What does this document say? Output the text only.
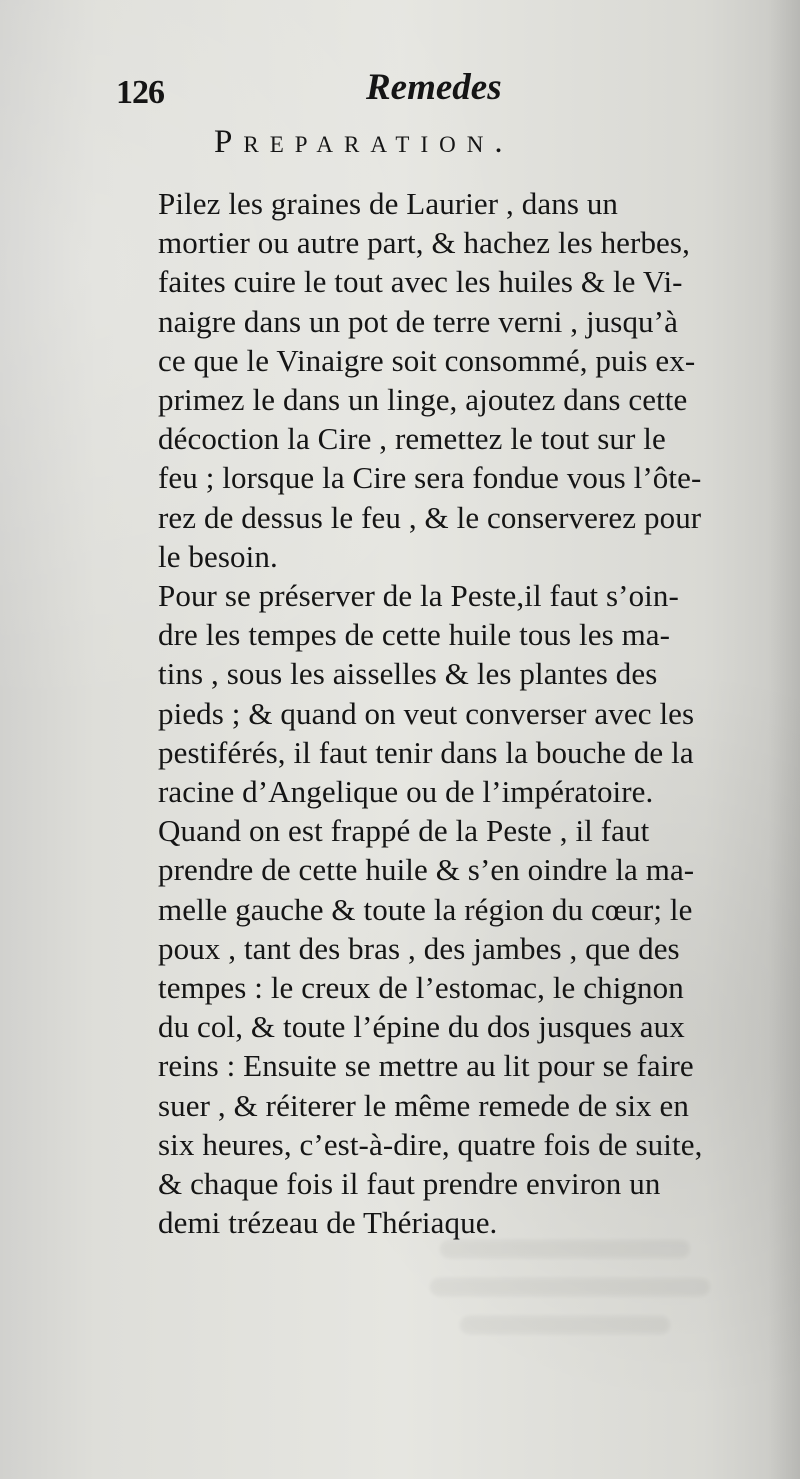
126	Remedes
Preparation.

Pilez les graines de Laurier , dans un
mortier ou autre part, & hachez les herbes,
faites cuire le tout avec les huiles & le Vi-
naigre dans un pot de terre verni , jusqu’à
ce que le Vinaigre soit consommé, puis ex-
primez le dans un linge, ajoutez dans cette
décoction la Cire , remettez le tout sur le
feu ; lorsque la Cire sera fondue vous l’ôte-
rez de dessus le feu , & le conserverez pour
le besoin.

Pour se préserver de la Peste,il faut s’oin-
dre les tempes de cette huile tous les ma-
tins , sous les aisselles & les plantes des
pieds ; & quand on veut converser avec les
pestiférés, il faut tenir dans la bouche de la
racine d’Angelique ou de l’impératoire.

Quand on est frappé de la Peste , il faut
prendre de cette huile & s’en oindre la ma-
melle gauche & toute la région du cœur; le
poux , tant des bras , des jambes , que des
tempes : le creux de l’estomac, le chignon
du col, & toute l’épine du dos jusques aux
reins : Ensuite se mettre au lit pour se faire
suer , & réiterer le même remede de six en
six heures, c’est-à-dire, quatre fois de suite,
& chaque fois il faut prendre environ un
demi trézeau de Thériaque.
